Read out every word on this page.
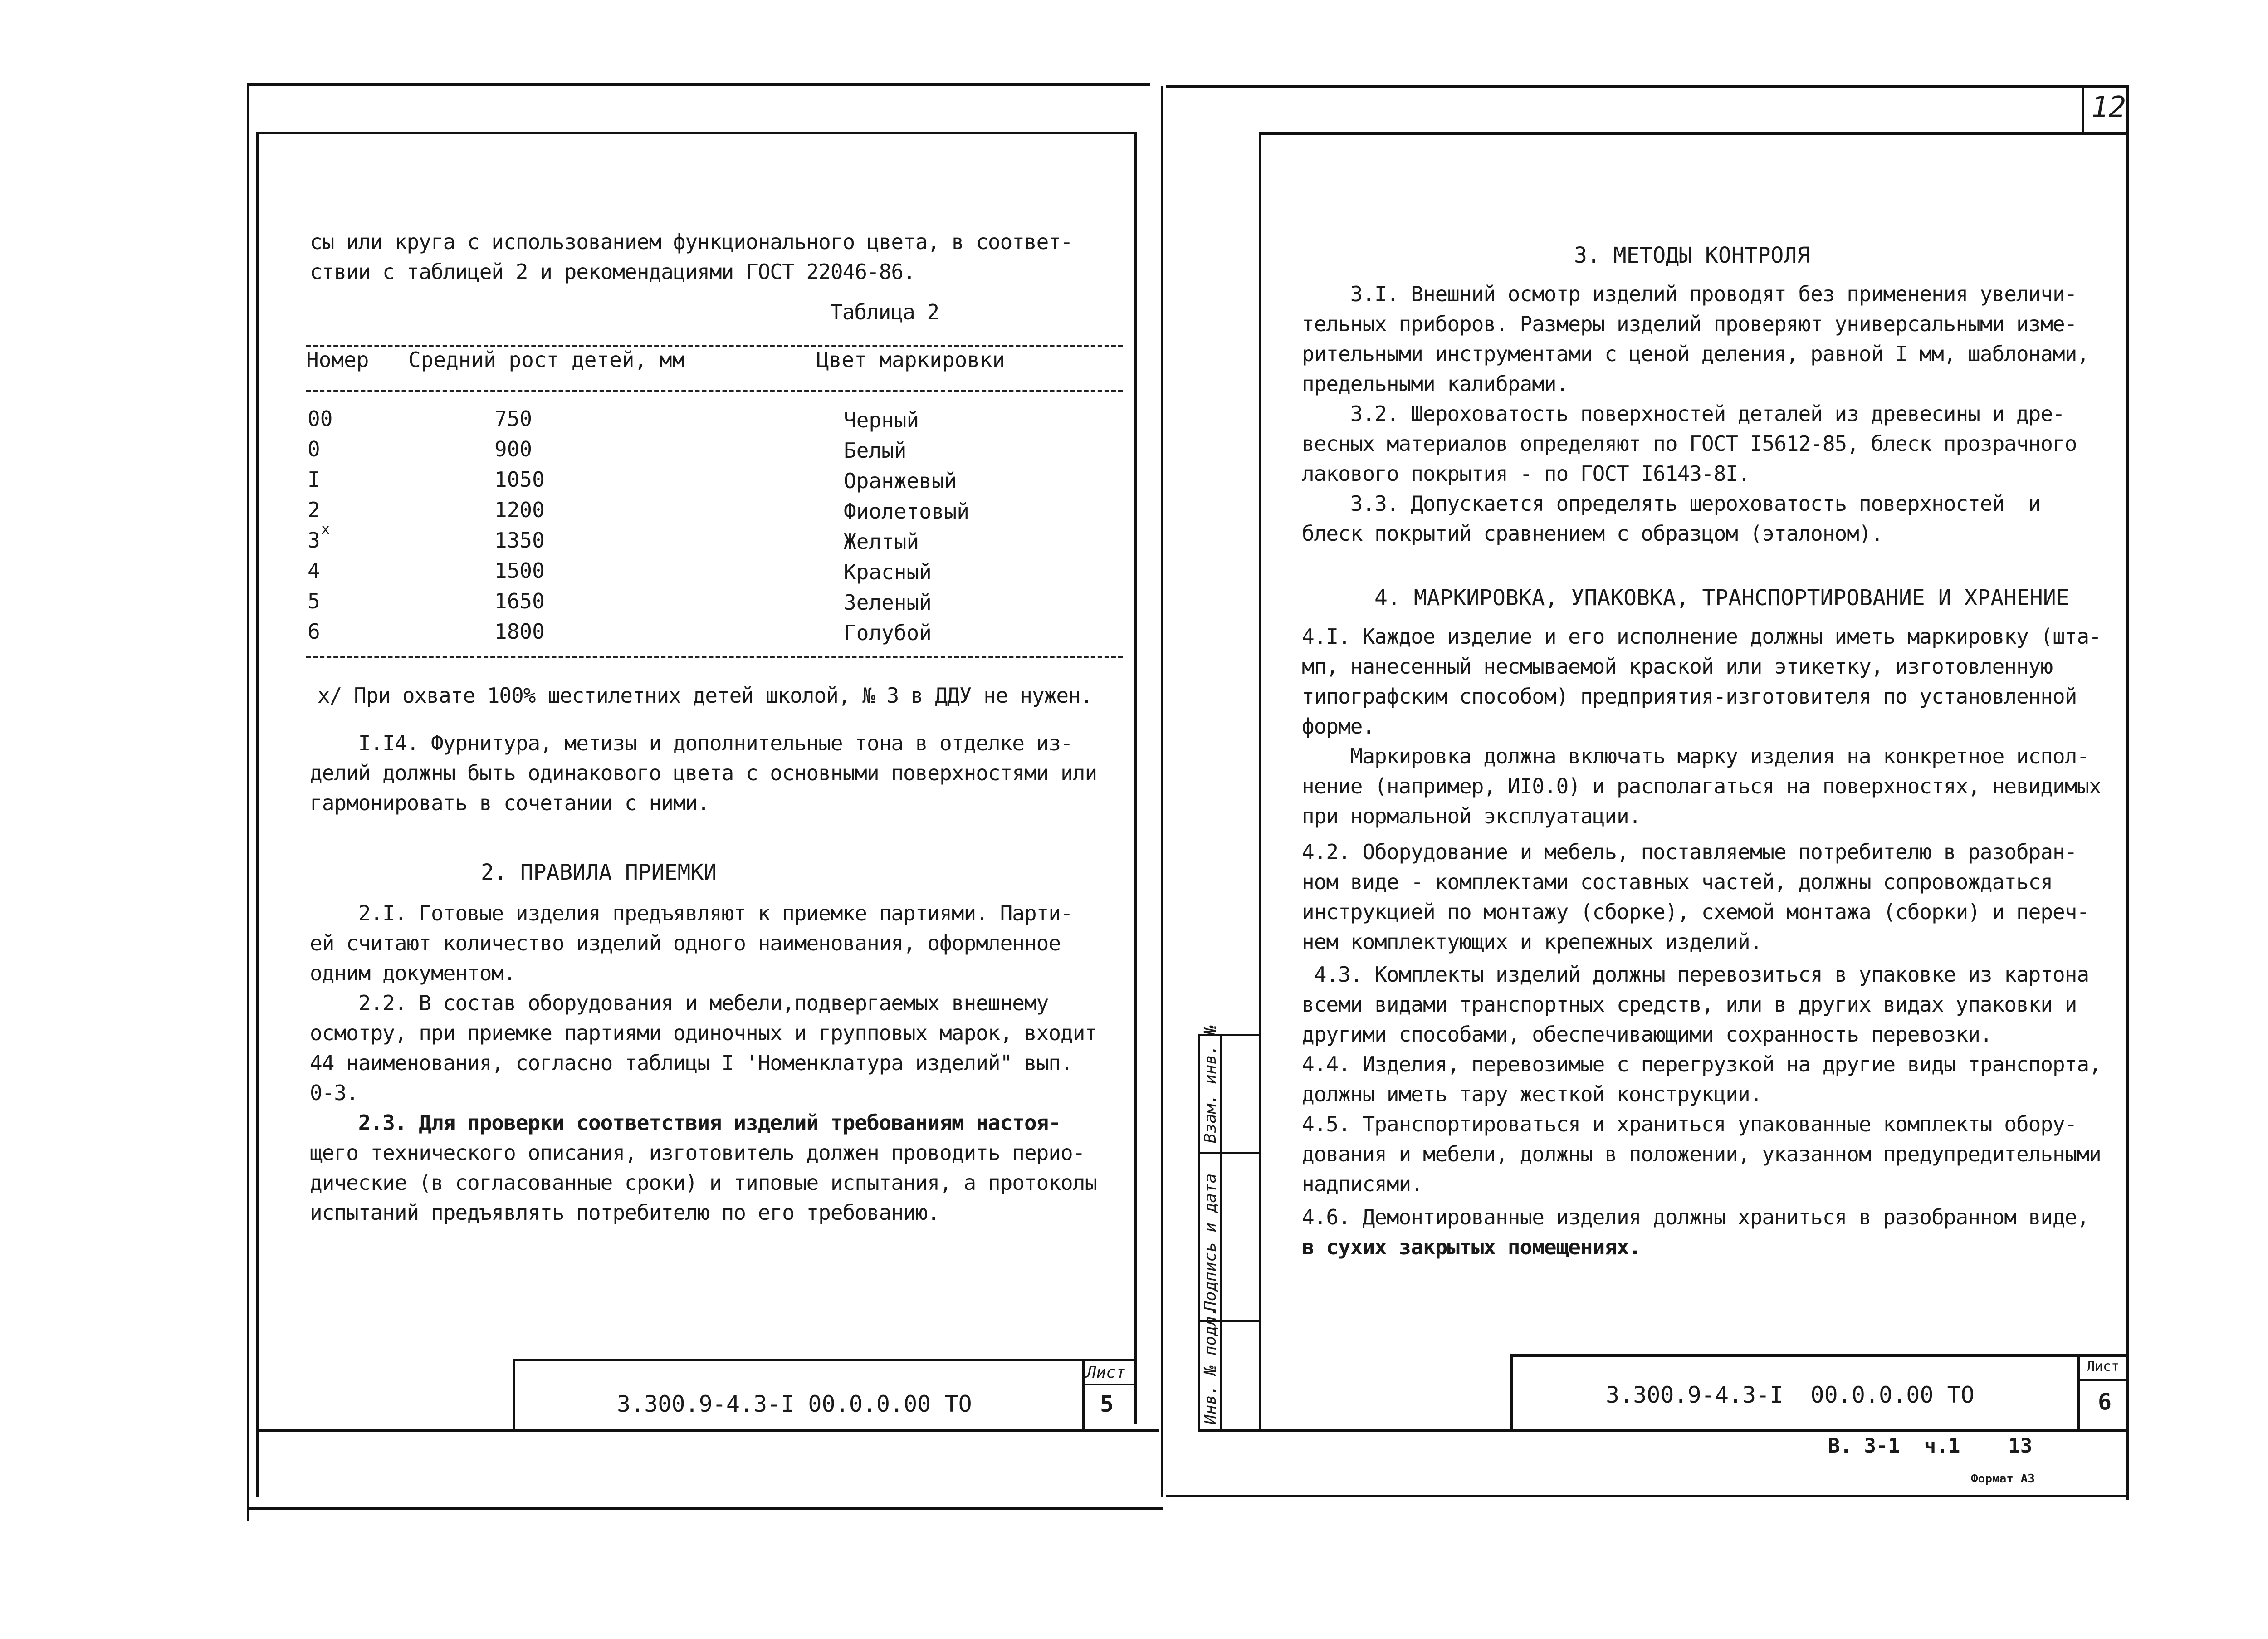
сы или круга с использованием функционального цвета, в соответ-
ствии с таблицей 2 и рекомендациями ГОСТ 22046-86.
Таблица 2
Номер Средний рост детей, мм	Цвет маркировки
00	750	Черный
0	900	Белый
I	1050	Оранжевый
2	1200	Фиолетовый
3 x	1350	Желтый
4	1500	Красный
5	1650	Зеленый
6	1800	Голубой
x/ При охвате 100% шестилетних детей школой, № 3 в ДДУ не нужен.
I.I4. Фурнитура, метизы и дополнительные тона в отделке из-
делий должны быть одинакового цвета с основными поверхностями или
гармонировать в сочетании с ними.
2. ПРАВИЛА ПРИЕМКИ
2.I. Готовые изделия предъявляют к приемке партиями. Парти-
ей считают количество изделий одного наименования, оформленное
одним документом.
2.2. В состав оборудования и мебели,подвергаемых внешнему
осмотру, при приемке партиями одиночных и групповых марок, входит
44 наименования, согласно таблицы I 'Номенклатура изделий" вып.
0-3.
2.3. Для проверки соответствия изделий требованиям настоя-
щего технического описания, изготовитель должен проводить перио-
дические (в согласованные сроки) и типовые испытания, а протоколы
испытаний предъявлять потребителю по его требованию.
3.300.9-4.3-I 00.0.0.00 ТО
Лист
5
12
Инв. № подл.
Подпись и дата
Взам. инв. №
3. МЕТОДЫ КОНТРОЛЯ
3.I. Внешний осмотр изделий проводят без применения увеличи-
тельных приборов. Размеры изделий проверяют универсальными изме-
рительными инструментами с ценой деления, равной I мм, шаблонами,
предельными калибрами.
3.2. Шероховатость поверхностей деталей из древесины и дре-
весных материалов определяют по ГОСТ I5612-85, блеск прозрачного
лакового покрытия - по ГОСТ I6143-8I.
3.3. Допускается определять шероховатость поверхностей  и
блеск покрытий сравнением с образцом (эталоном).
4. МАРКИРОВКА, УПАКОВКА, ТРАНСПОРТИРОВАНИЕ И ХРАНЕНИЕ
4.I. Каждое изделие и его исполнение должны иметь маркировку (шта-
мп, нанесенный несмываемой краской или этикетку, изготовленную
типографским способом) предприятия-изготовителя по установленной
форме.
Маркировка должна включать марку изделия на конкретное испол-
нение (например, ИI0.0) и располагаться на поверхностях, невидимых
при нормальной эксплуатации.
4.2. Оборудование и мебель, поставляемые потребителю в разобран-
ном виде - комплектами составных частей, должны сопровождаться
инструкцией по монтажу (сборке), схемой монтажа (сборки) и переч-
нем комплектующих и крепежных изделий.
4.3. Комплекты изделий должны перевозиться в упаковке из картона
всеми видами транспортных средств, или в других видах упаковки и
другими способами, обеспечивающими сохранность перевозки.
4.4. Изделия, перевозимые с перегрузкой на другие виды транспорта,
должны иметь тару жесткой конструкции.
4.5. Транспортироваться и храниться упакованные комплекты обору-
дования и мебели, должны в положении, указанном предупредительными
надписями.
4.6. Демонтированные изделия должны храниться в разобранном виде,
в сухих закрытых помещениях.
3.300.9-4.3-I  00.0.0.00 ТО
Лист
6
В. 3-1  ч.1    13
Формат А3
